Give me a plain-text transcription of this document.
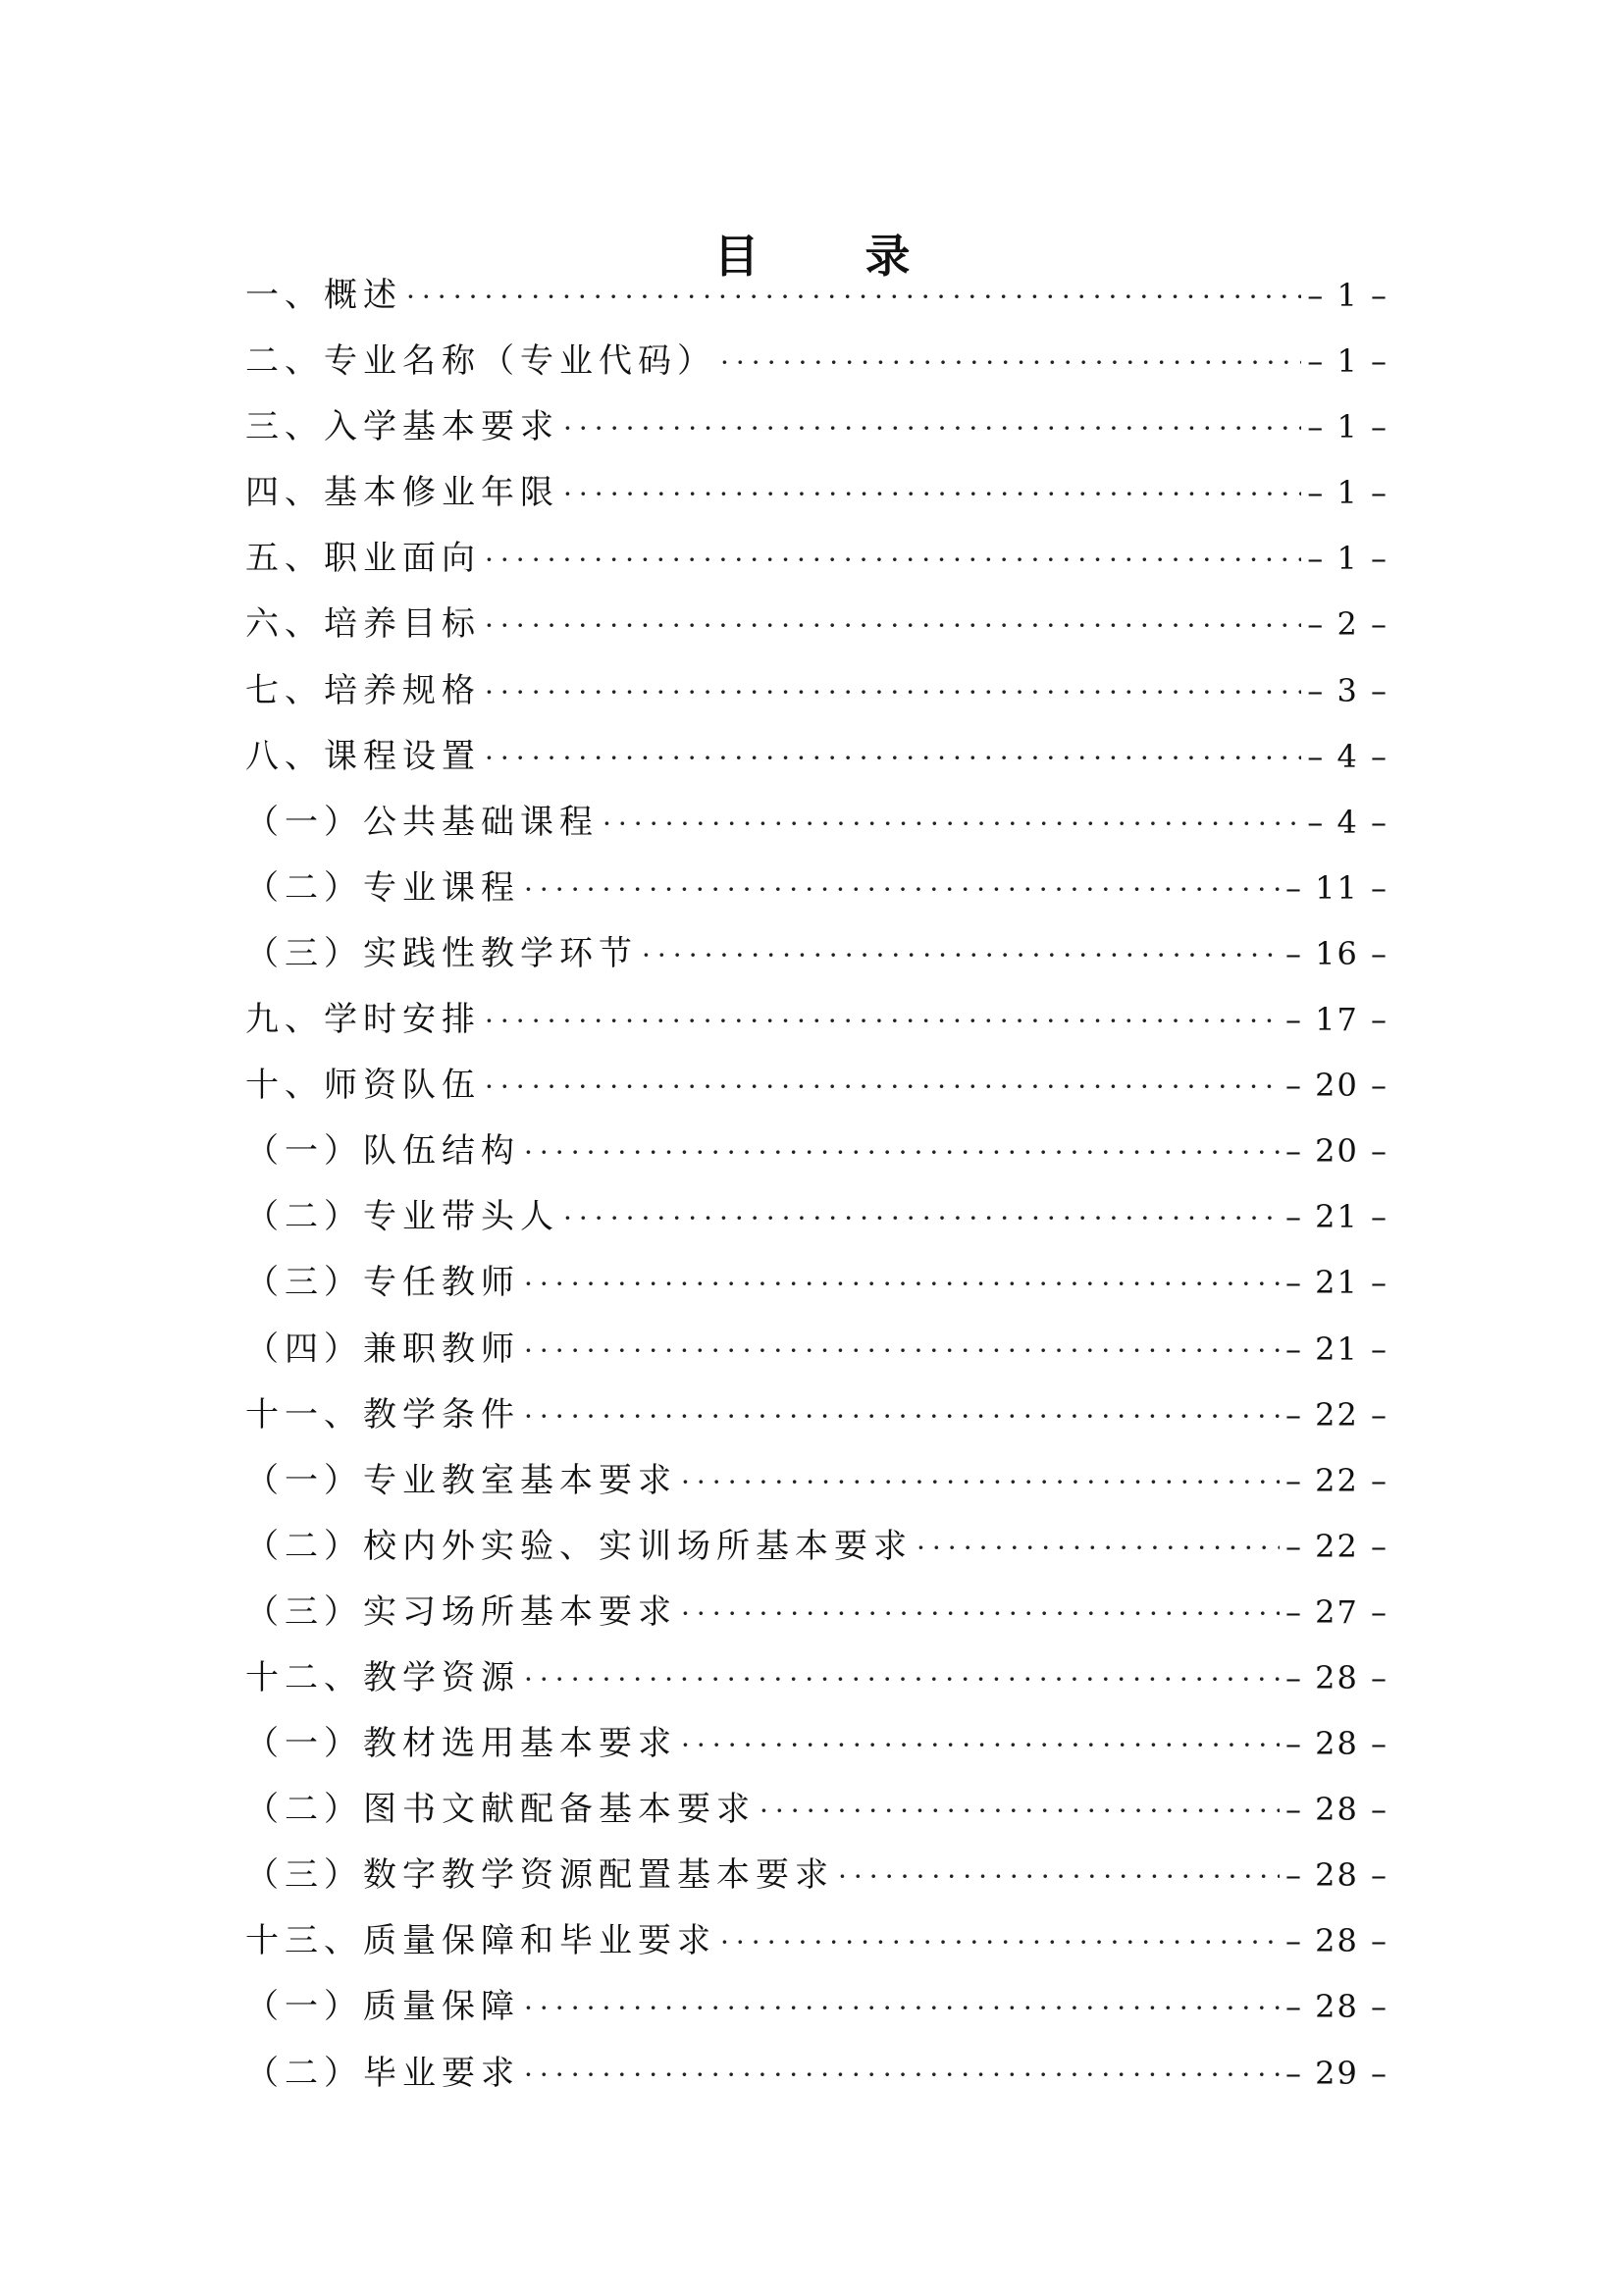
目 录
一、概述 ·····	– 1 –
二、专业名称（专业代码） ·····	– 1 –
三、入学基本要求 ·····	– 1 –
四、基本修业年限 ·····	– 1 –
五、职业面向 ·····	– 1 –
六、培养目标 ·····	– 2 –
七、培养规格 ·····	– 3 –
八、课程设置 ·····	– 4 –
（一）公共基础课程 ·····	– 4 –
（二）专业课程 ·····	– 11 –
（三）实践性教学环节 ·····	– 16 –
九、学时安排 ·····	– 17 –
十、师资队伍 ·····	– 20 –
（一）队伍结构 ·····	– 20 –
（二）专业带头人 ·····	– 21 –
（三）专任教师 ·····	– 21 –
（四）兼职教师 ·····	– 21 –
十一、教学条件 ·····	– 22 –
（一）专业教室基本要求 ·····	– 22 –
（二）校内外实验、实训场所基本要求 ·····	– 22 –
（三）实习场所基本要求 ·····	– 27 –
十二、教学资源 ·····	– 28 –
（一）教材选用基本要求 ·····	– 28 –
（二）图书文献配备基本要求 ·····	– 28 –
（三）数字教学资源配置基本要求 ·····	– 28 –
十三、质量保障和毕业要求 ·····	– 28 –
（一）质量保障 ·····	– 28 –
（二）毕业要求 ·····	– 29 –
